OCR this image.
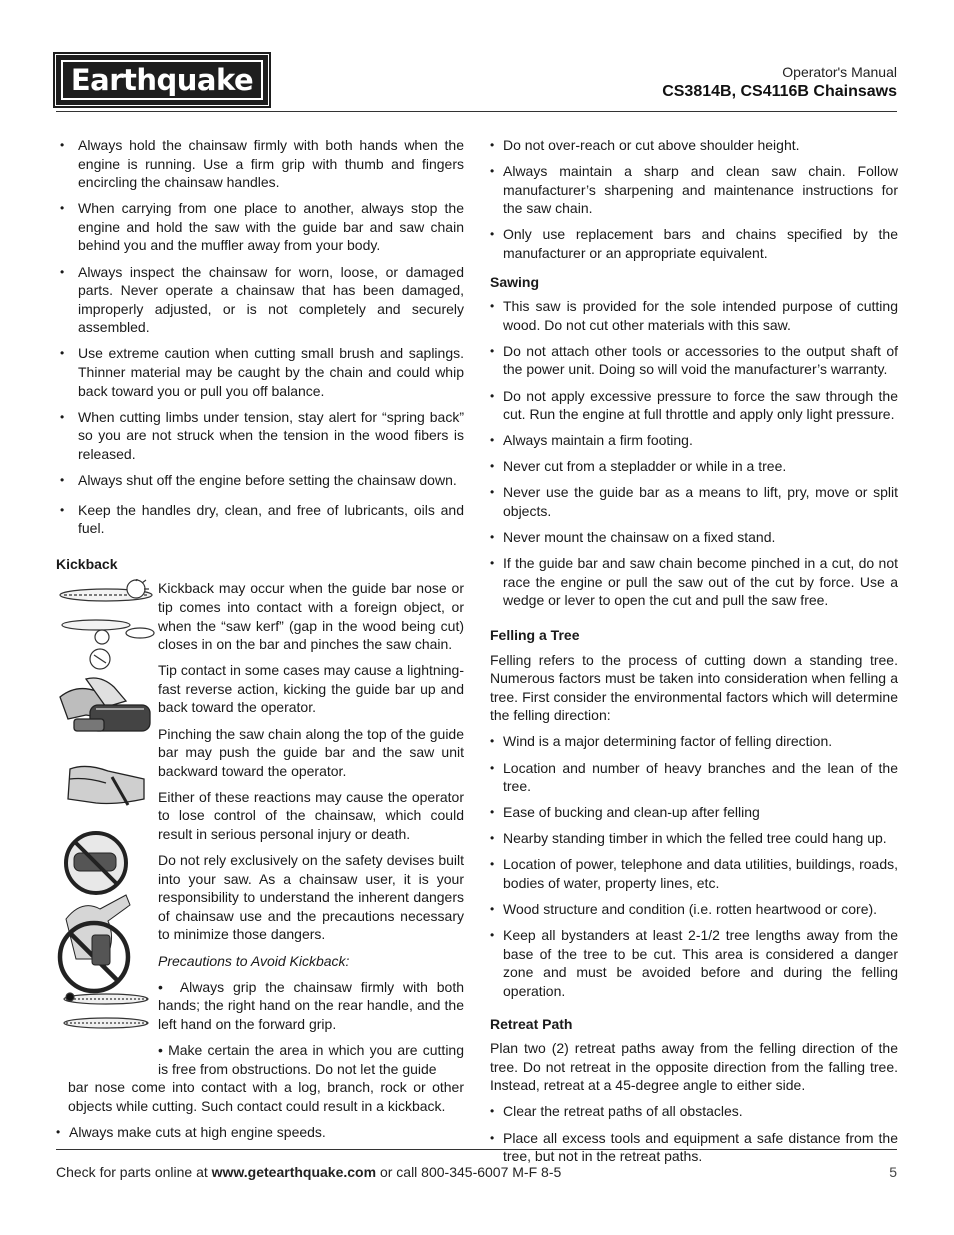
Earthquake	Operator's Manual
CS3814B, CS4116B Chainsaws
• Always hold the chainsaw firmly with both hands when the engine is running. Use a firm grip with thumb and fingers encircling the chainsaw handles.
• When carrying from one place to another, always stop the engine and hold the saw with the guide bar and saw chain behind you and the muffler away from your body.
• Always inspect the chainsaw for worn, loose, or damaged parts. Never operate a chainsaw that has been damaged, improperly adjusted, or is not completely and securely assembled.
• Use extreme caution when cutting small brush and saplings. Thinner material may be caught by the chain and could whip back toward you or pull you off balance.
• When cutting limbs under tension, stay alert for “spring back” so you are not struck when the tension in the wood fibers is released.
• Always shut off the engine before setting the chainsaw down.
• Keep the handles dry, clean, and free of lubricants, oils and fuel.
Kickback

Kickback may occur when the guide bar nose or tip comes into contact with a foreign object, or when the “saw kerf” (gap in the wood being cut) closes in on the bar and pinches the saw chain.

Tip contact in some cases may cause a lightning-fast reverse action, kicking the guide bar up and back toward the operator.

Pinching the saw chain along the top of the guide bar may push the guide bar and the saw unit backward toward the operator.

Either of these reactions may cause the operator to lose control of the chainsaw, which could result in serious personal injury or death.

Do not rely exclusively on the safety devises built into your saw. As a chainsaw user, it is your responsibility to understand the inherent dangers of chainsaw use and the precautions necessary to minimize those dangers.

Precautions to Avoid Kickback:

•  Always grip the chainsaw firmly with both hands; the right hand on the rear handle, and the left hand on the forward grip.

• Make certain the area in which you are cutting is free from obstructions. Do not let the guide

bar nose come into contact with a log, branch, rock or other objects while cutting. Such contact could result in a kickback.

• Always make cuts at high engine speeds.
• Do not over-reach or cut above shoulder height.
• Always maintain a sharp and clean saw chain. Follow manufacturer’s sharpening and maintenance instructions for the saw chain.
• Only use replacement bars and chains specified by the manufacturer or an appropriate equivalent.
Sawing
• This saw is provided for the sole intended purpose of cutting wood. Do not cut other materials with this saw.
• Do not attach other tools or accessories to the output shaft of the power unit. Doing so will void the manufacturer’s warranty.
• Do not apply excessive pressure to force the saw through the cut. Run the engine at full throttle and apply only light pressure.
• Always maintain a firm footing.
• Never cut from a stepladder or while in a tree.
• Never use the guide bar as a means to lift, pry, move or split objects.
• Never mount the chainsaw on a fixed stand.
• If the guide bar and saw chain become pinched in a cut, do not race the engine or pull the saw out of the cut by force. Use a wedge or lever to open the cut and pull the saw free.
Felling a Tree

Felling refers to the process of cutting down a standing tree. Numerous factors must be taken into consideration when felling a tree. First consider the environmental factors which will determine the felling direction:

• Wind is a major determining factor of felling direction.
• Location and number of heavy branches and the lean of the tree.
• Ease of bucking and clean-up after felling
• Nearby standing timber in which the felled tree could hang up.
• Location of power, telephone and data utilities, buildings, roads, bodies of water, property lines, etc.
• Wood structure and condition (i.e. rotten heartwood or core).
• Keep all bystanders at least 2-1/2 tree lengths away from the base of the tree to be cut. This area is considered a danger zone and must be avoided before and during the felling operation.
Retreat Path

Plan two (2) retreat paths away from the felling direction of the tree. Do not retreat in the opposite direction from the falling tree. Instead, retreat at a 45-degree angle to either side.

• Clear the retreat paths of all obstacles.
• Place all excess tools and equipment a safe distance from the tree, but not in the retreat paths.
Check for parts online at www.getearthquake.com or call 800-345-6007 M-F 8-5	5
